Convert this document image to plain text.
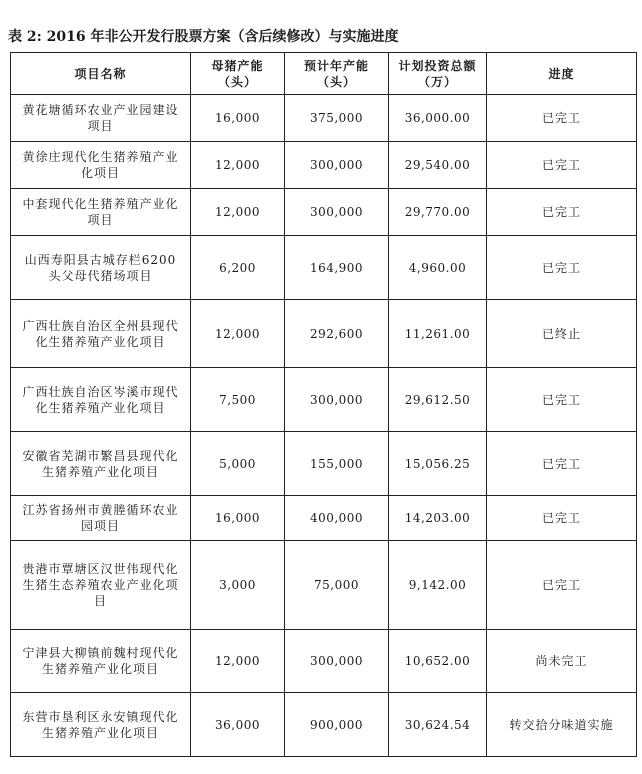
表 2: 2016 年非公开发行股票方案（含后续修改）与实施进度
项目名称	母猪产能（头）	预计年产能（头）	计划投资总额（万）	进度
黄花塘循环农业产业园建设项目	16,000	375,000	36,000.00	已完工
黄徐庄现代化生猪养殖产业化项目	12,000	300,000	29,540.00	已完工
中套现代化生猪养殖产业化项目	12,000	300,000	29,770.00	已完工
山西寿阳县古城存栏6200 头父母代猪场项目	6,200	164,900	4,960.00	已完工
广西壮族自治区全州县现代化生猪养殖产业化项目	12,000	292,600	11,261.00	已终止
广西壮族自治区岑溪市现代化生猪养殖产业化项目	7,500	300,000	29,612.50	已完工
安徽省芜湖市繁昌县现代化生猪养殖产业化项目	5,000	155,000	15,056.25	已完工
江苏省扬州市黄塍循环农业园项目	16,000	400,000	14,203.00	已完工
贵港市覃塘区汉世伟现代化生猪生态养殖农业产业化项目	3,000	75,000	9,142.00	已完工
宁津县大柳镇前魏村现代化生猪养殖产业化项目	12,000	300,000	10,652.00	尚未完工
东营市垦利区永安镇现代化生猪养殖产业化项目	36,000	900,000	30,624.54	转交拾分味道实施
